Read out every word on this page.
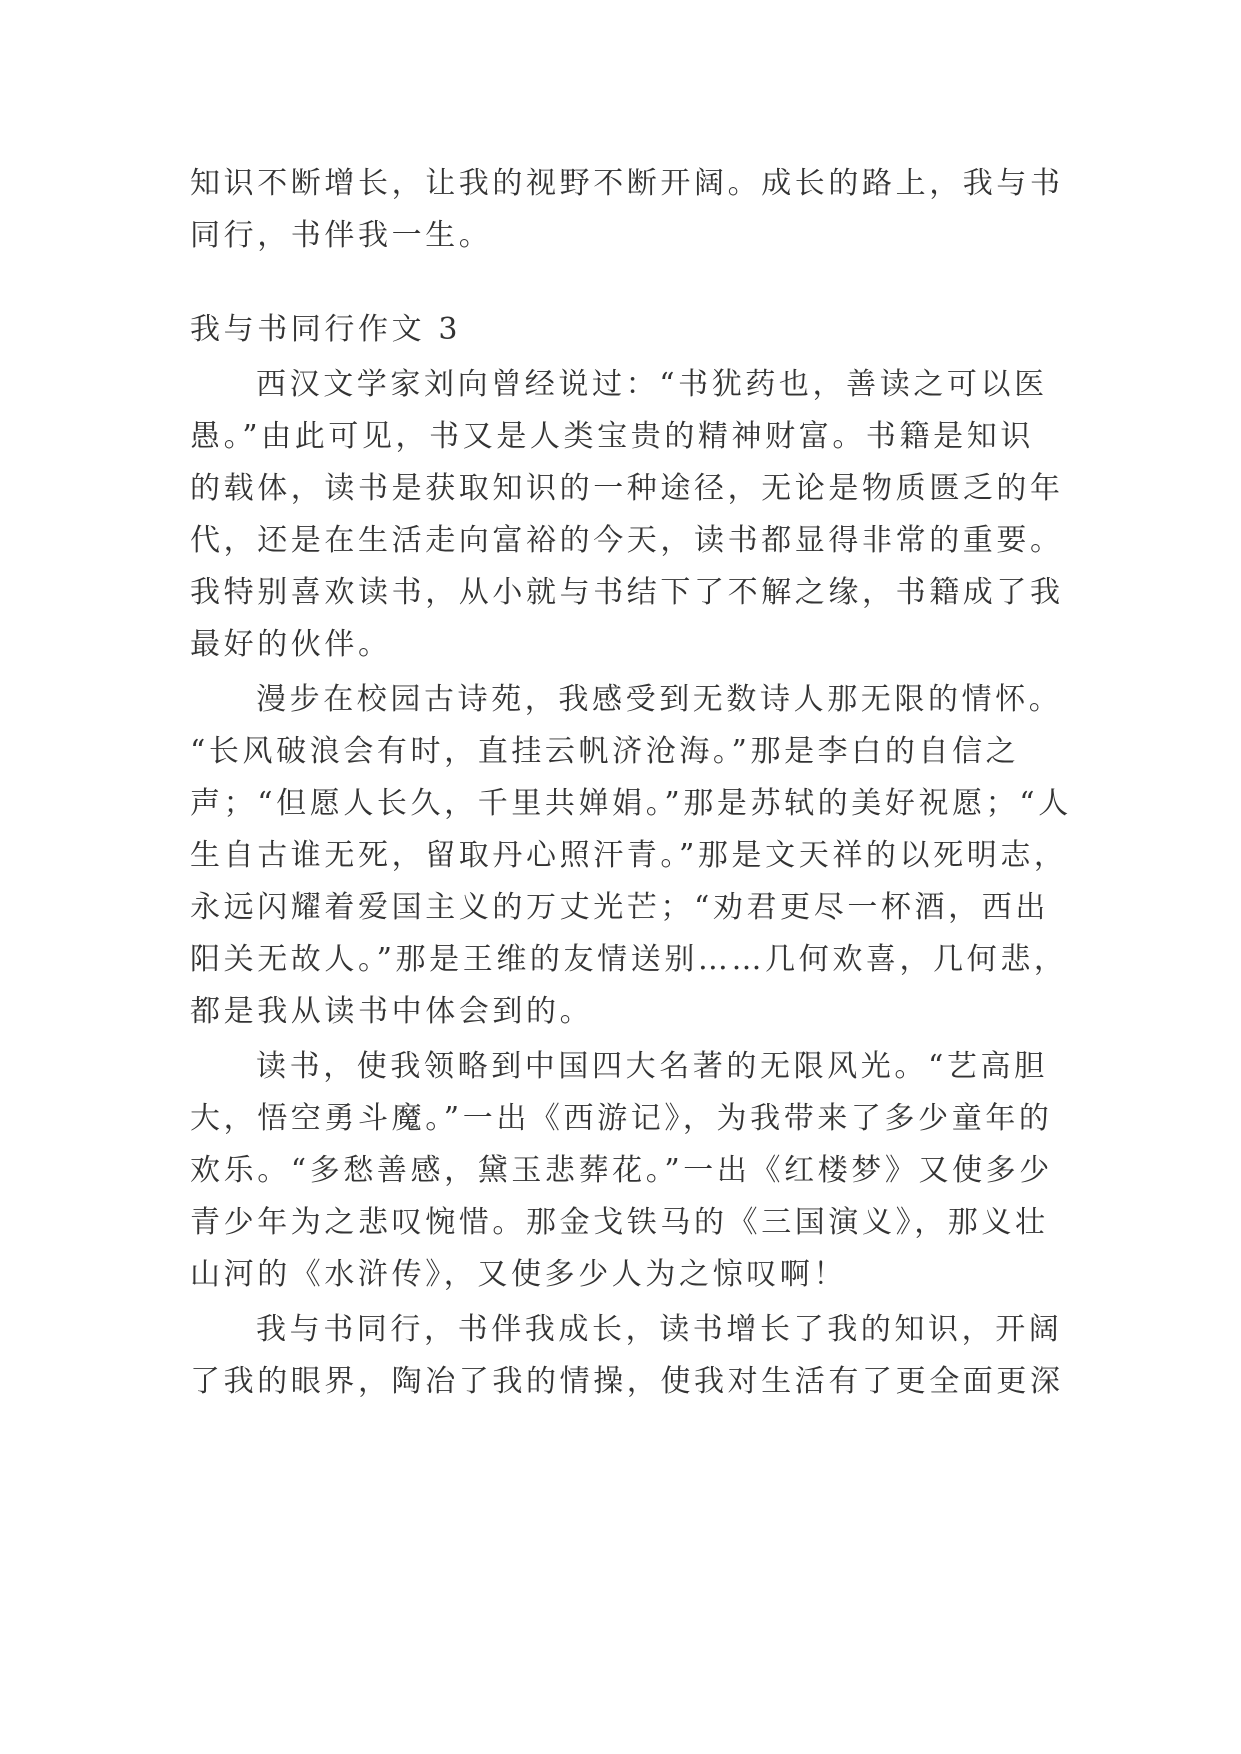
知识不断增长，让我的视野不断开阔。成长的路上，我与书
同行，书伴我一生。
我与书同行作文 3
西汉文学家刘向曾经说过：“书犹药也，善读之可以医
愚。”由此可见，书又是人类宝贵的精神财富。书籍是知识
的载体，读书是获取知识的一种途径，无论是物质匮乏的年
代，还是在生活走向富裕的今天，读书都显得非常的重要。
我特别喜欢读书，从小就与书结下了不解之缘，书籍成了我
最好的伙伴。
漫步在校园古诗苑，我感受到无数诗人那无限的情怀。
“长风破浪会有时，直挂云帆济沧海。”那是李白的自信之
声；“但愿人长久，千里共婵娟。”那是苏轼的美好祝愿；“人
生自古谁无死，留取丹心照汗青。”那是文天祥的以死明志，
永远闪耀着爱国主义的万丈光芒；“劝君更尽一杯酒，西出
阳关无故人。”那是王维的友情送别……几何欢喜，几何悲，
都是我从读书中体会到的。
读书，使我领略到中国四大名著的无限风光。“艺高胆
大，悟空勇斗魔。”一出《西游记》，为我带来了多少童年的
欢乐。“多愁善感，黛玉悲葬花。”一出《红楼梦》又使多少
青少年为之悲叹惋惜。那金戈铁马的《三国演义》，那义壮
山河的《水浒传》，又使多少人为之惊叹啊！
我与书同行，书伴我成长，读书增长了我的知识，开阔
了我的眼界，陶冶了我的情操，使我对生活有了更全面更深
